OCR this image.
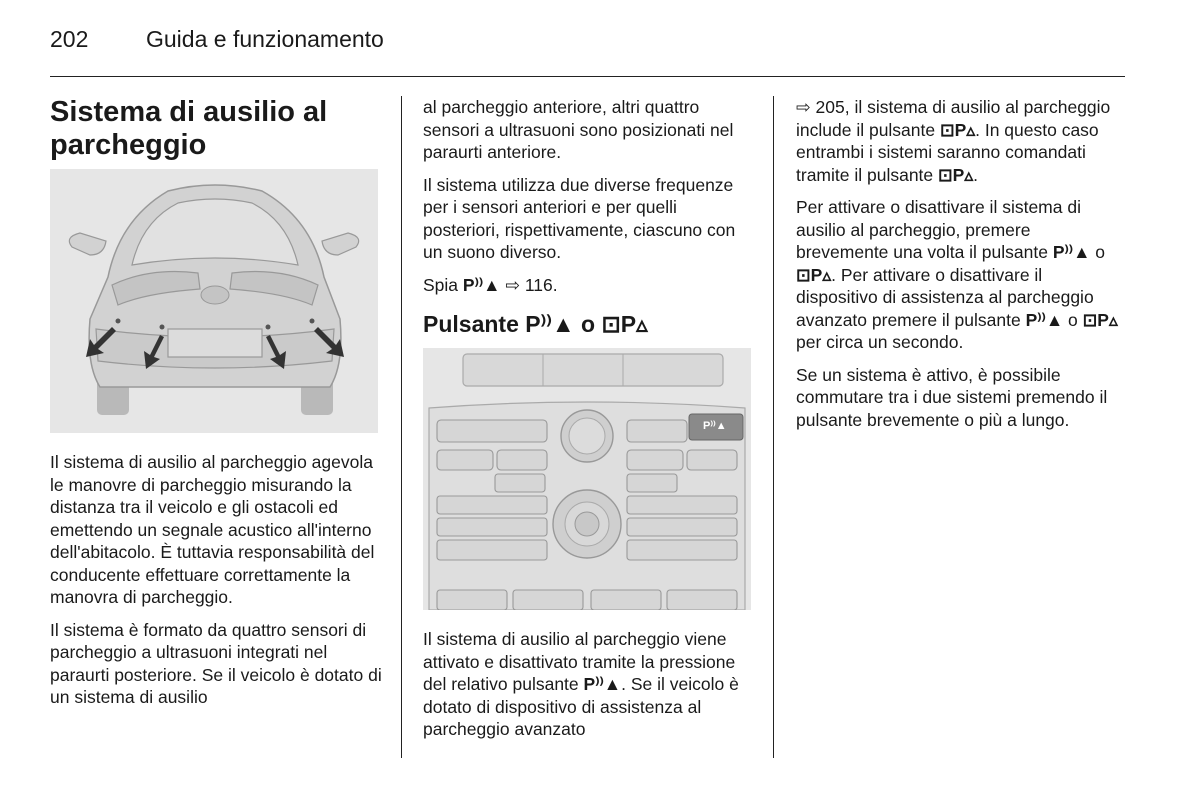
202	Guida e funzionamento
Sistema di ausilio al parcheggio

Il sistema di ausilio al parcheggio agevola le manovre di parcheggio misurando la distanza tra il veicolo e gli ostacoli ed emettendo un segnale acustico all'interno dell'abitacolo. È tuttavia responsabilità del conducente effettuare correttamente la manovra di parcheggio.

Il sistema è formato da quattro sensori di parcheggio a ultrasuoni integrati nel paraurti posteriore. Se il veicolo è dotato di un sistema di ausilio

al parcheggio anteriore, altri quattro sensori a ultrasuoni sono posizionati nel paraurti anteriore.

Il sistema utilizza due diverse frequenze per i sensori anteriori e per quelli posteriori, rispettivamente, ciascuno con un suono diverso.

Spia P⁾⁾▲ ⇨ 116.

Pulsante P⁾⁾▲ o ⊡P▵
P⁾⁾▲

Il sistema di ausilio al parcheggio viene attivato e disattivato tramite la pressione del relativo pulsante P⁾⁾▲. Se il veicolo è dotato di dispositivo di assistenza al parcheggio avanzato

⇨ 205, il sistema di ausilio al parcheggio include il pulsante ⊡P▵. In questo caso entrambi i sistemi saranno comandati tramite il pulsante ⊡P▵.

Per attivare o disattivare il sistema di ausilio al parcheggio, premere brevemente una volta il pulsante P⁾⁾▲ o ⊡P▵. Per attivare o disattivare il dispositivo di assistenza al parcheggio avanzato premere il pulsante P⁾⁾▲ o ⊡P▵ per circa un secondo.

Se un sistema è attivo, è possibile commutare tra i due sistemi premendo il pulsante brevemente o più a lungo.
